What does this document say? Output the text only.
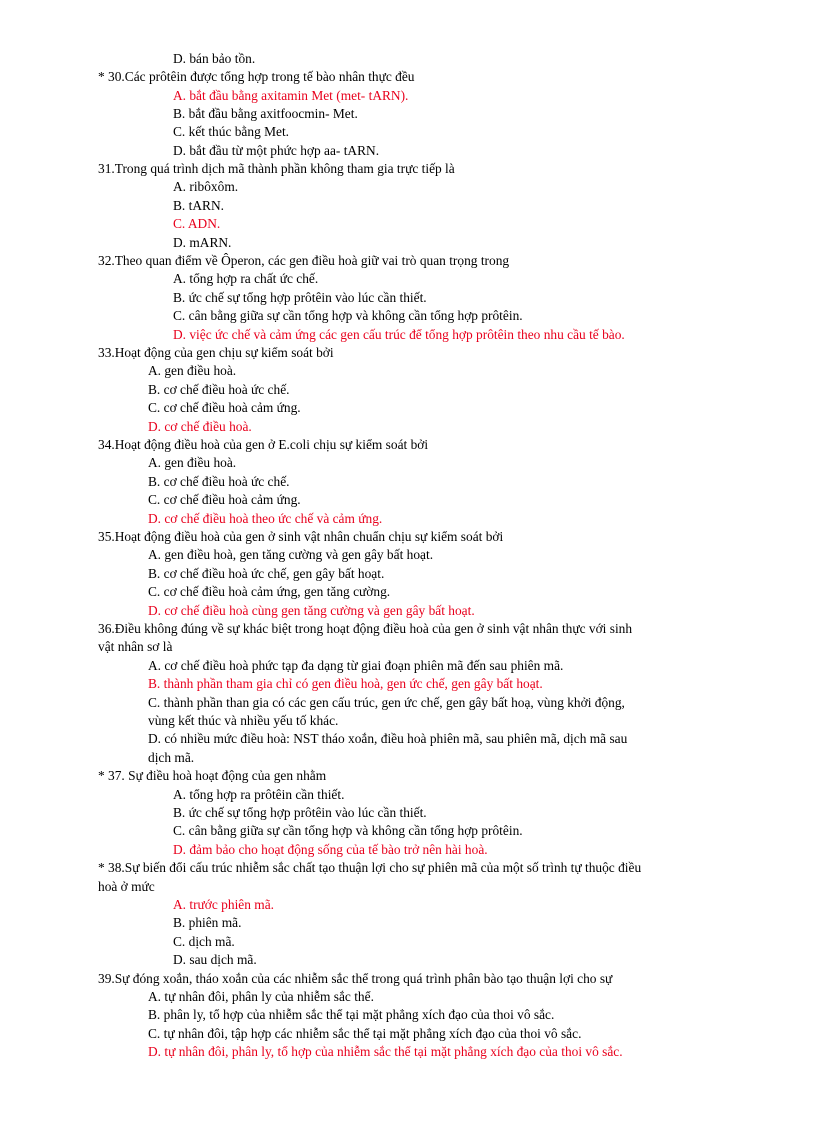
D. bán bảo tồn.
* 30.Các prôtêin được tổng hợp trong tế bào nhân thực đều
A. bắt đầu bằng axitamin Met (met- tARN).
B. bắt đầu bằng axitfoocmin- Met.
C. kết thúc bằng Met.
D. bắt đầu từ một phức hợp aa- tARN.
31.Trong quá trình dịch mã thành phần không tham gia trực tiếp là
A. ribôxôm.
B. tARN.
C. ADN.
D. mARN.
32.Theo quan điểm về Ôperon, các gen điều hoà giữ vai trò quan trọng trong
A. tổng hợp ra chất ức chế.
B. ức chế sự tổng hợp prôtêin vào lúc cần thiết.
C. cân bằng giữa sự cần tổng hợp và không cần tổng hợp prôtêin.
D. việc ức chế và cảm ứng các gen cấu trúc để tổng hợp prôtêin theo nhu cầu tế bào.
33.Hoạt động của gen chịu sự kiểm soát bởi
A. gen điều hoà.
B. cơ chế điều hoà ức chế.
C. cơ chế điều hoà cảm ứng.
D. cơ chế điều hoà.
34.Hoạt động điều hoà của gen ở E.coli chịu sự kiểm soát bởi
A. gen điều hoà.
B. cơ chế điều hoà ức chế.
C. cơ chế điều hoà cảm ứng.
D. cơ chế điều hoà theo ức chế và cảm ứng.
35.Hoạt động điều hoà của gen ở sinh vật nhân chuẩn chịu sự kiểm soát bởi
A. gen điều hoà, gen tăng cường và gen gây bất hoạt.
B. cơ chế điều hoà ức chế, gen gây bất hoạt.
C. cơ chế điều hoà cảm ứng, gen tăng cường.
D. cơ chế điều hoà cùng gen tăng cường và gen gây bất hoạt.
36.Điều không đúng về sự khác biệt trong hoạt động điều hoà của gen ở sinh vật nhân thực với sinh
vật nhân sơ là
A. cơ chế điều hoà phức tạp đa dạng từ giai đoạn phiên mã đến sau phiên mã.
B. thành phần tham gia chỉ có gen điều hoà, gen ức chế, gen gây bất hoạt.
C. thành phần than gia có các gen cấu trúc, gen ức chế, gen gây bất hoạ, vùng khởi động,
vùng kết thúc và nhiều yếu tố khác.
D. có nhiều mức điều hoà: NST tháo xoắn, điều hoà phiên mã, sau phiên mã, dịch mã sau
dịch mã.
* 37. Sự điều hoà hoạt động của gen nhằm
A. tổng hợp ra prôtêin cần thiết.
B. ức chế sự tổng hợp prôtêin vào lúc cần thiết.
C. cân bằng giữa sự cần tổng hợp và không cần tổng hợp prôtêin.
D. đảm bảo cho hoạt động sống của tế bào trở nên hài hoà.
* 38.Sự biến đổi cấu trúc nhiễm sắc chất tạo thuận lợi cho sự phiên mã của một số trình tự thuộc điều
hoà ở mức
A. trước phiên mã.
B. phiên mã.
C. dịch mã.
D. sau dịch mã.
39.Sự đóng xoắn, tháo xoắn của các nhiễm sắc thể trong quá trình phân bào tạo thuận lợi cho sự
A. tự nhân đôi, phân ly của nhiễm sắc thể.
B. phân ly, tổ hợp của nhiễm sắc thể tại mặt phẳng xích đạo của thoi vô sắc.
C. tự nhân đôi, tập hợp các nhiễm sắc thể tại mặt phẳng xích đạo của thoi vô sắc.
D. tự nhân đôi, phân ly, tổ hợp của nhiễm sắc thể tại mặt phẳng xích đạo của thoi vô sắc.
